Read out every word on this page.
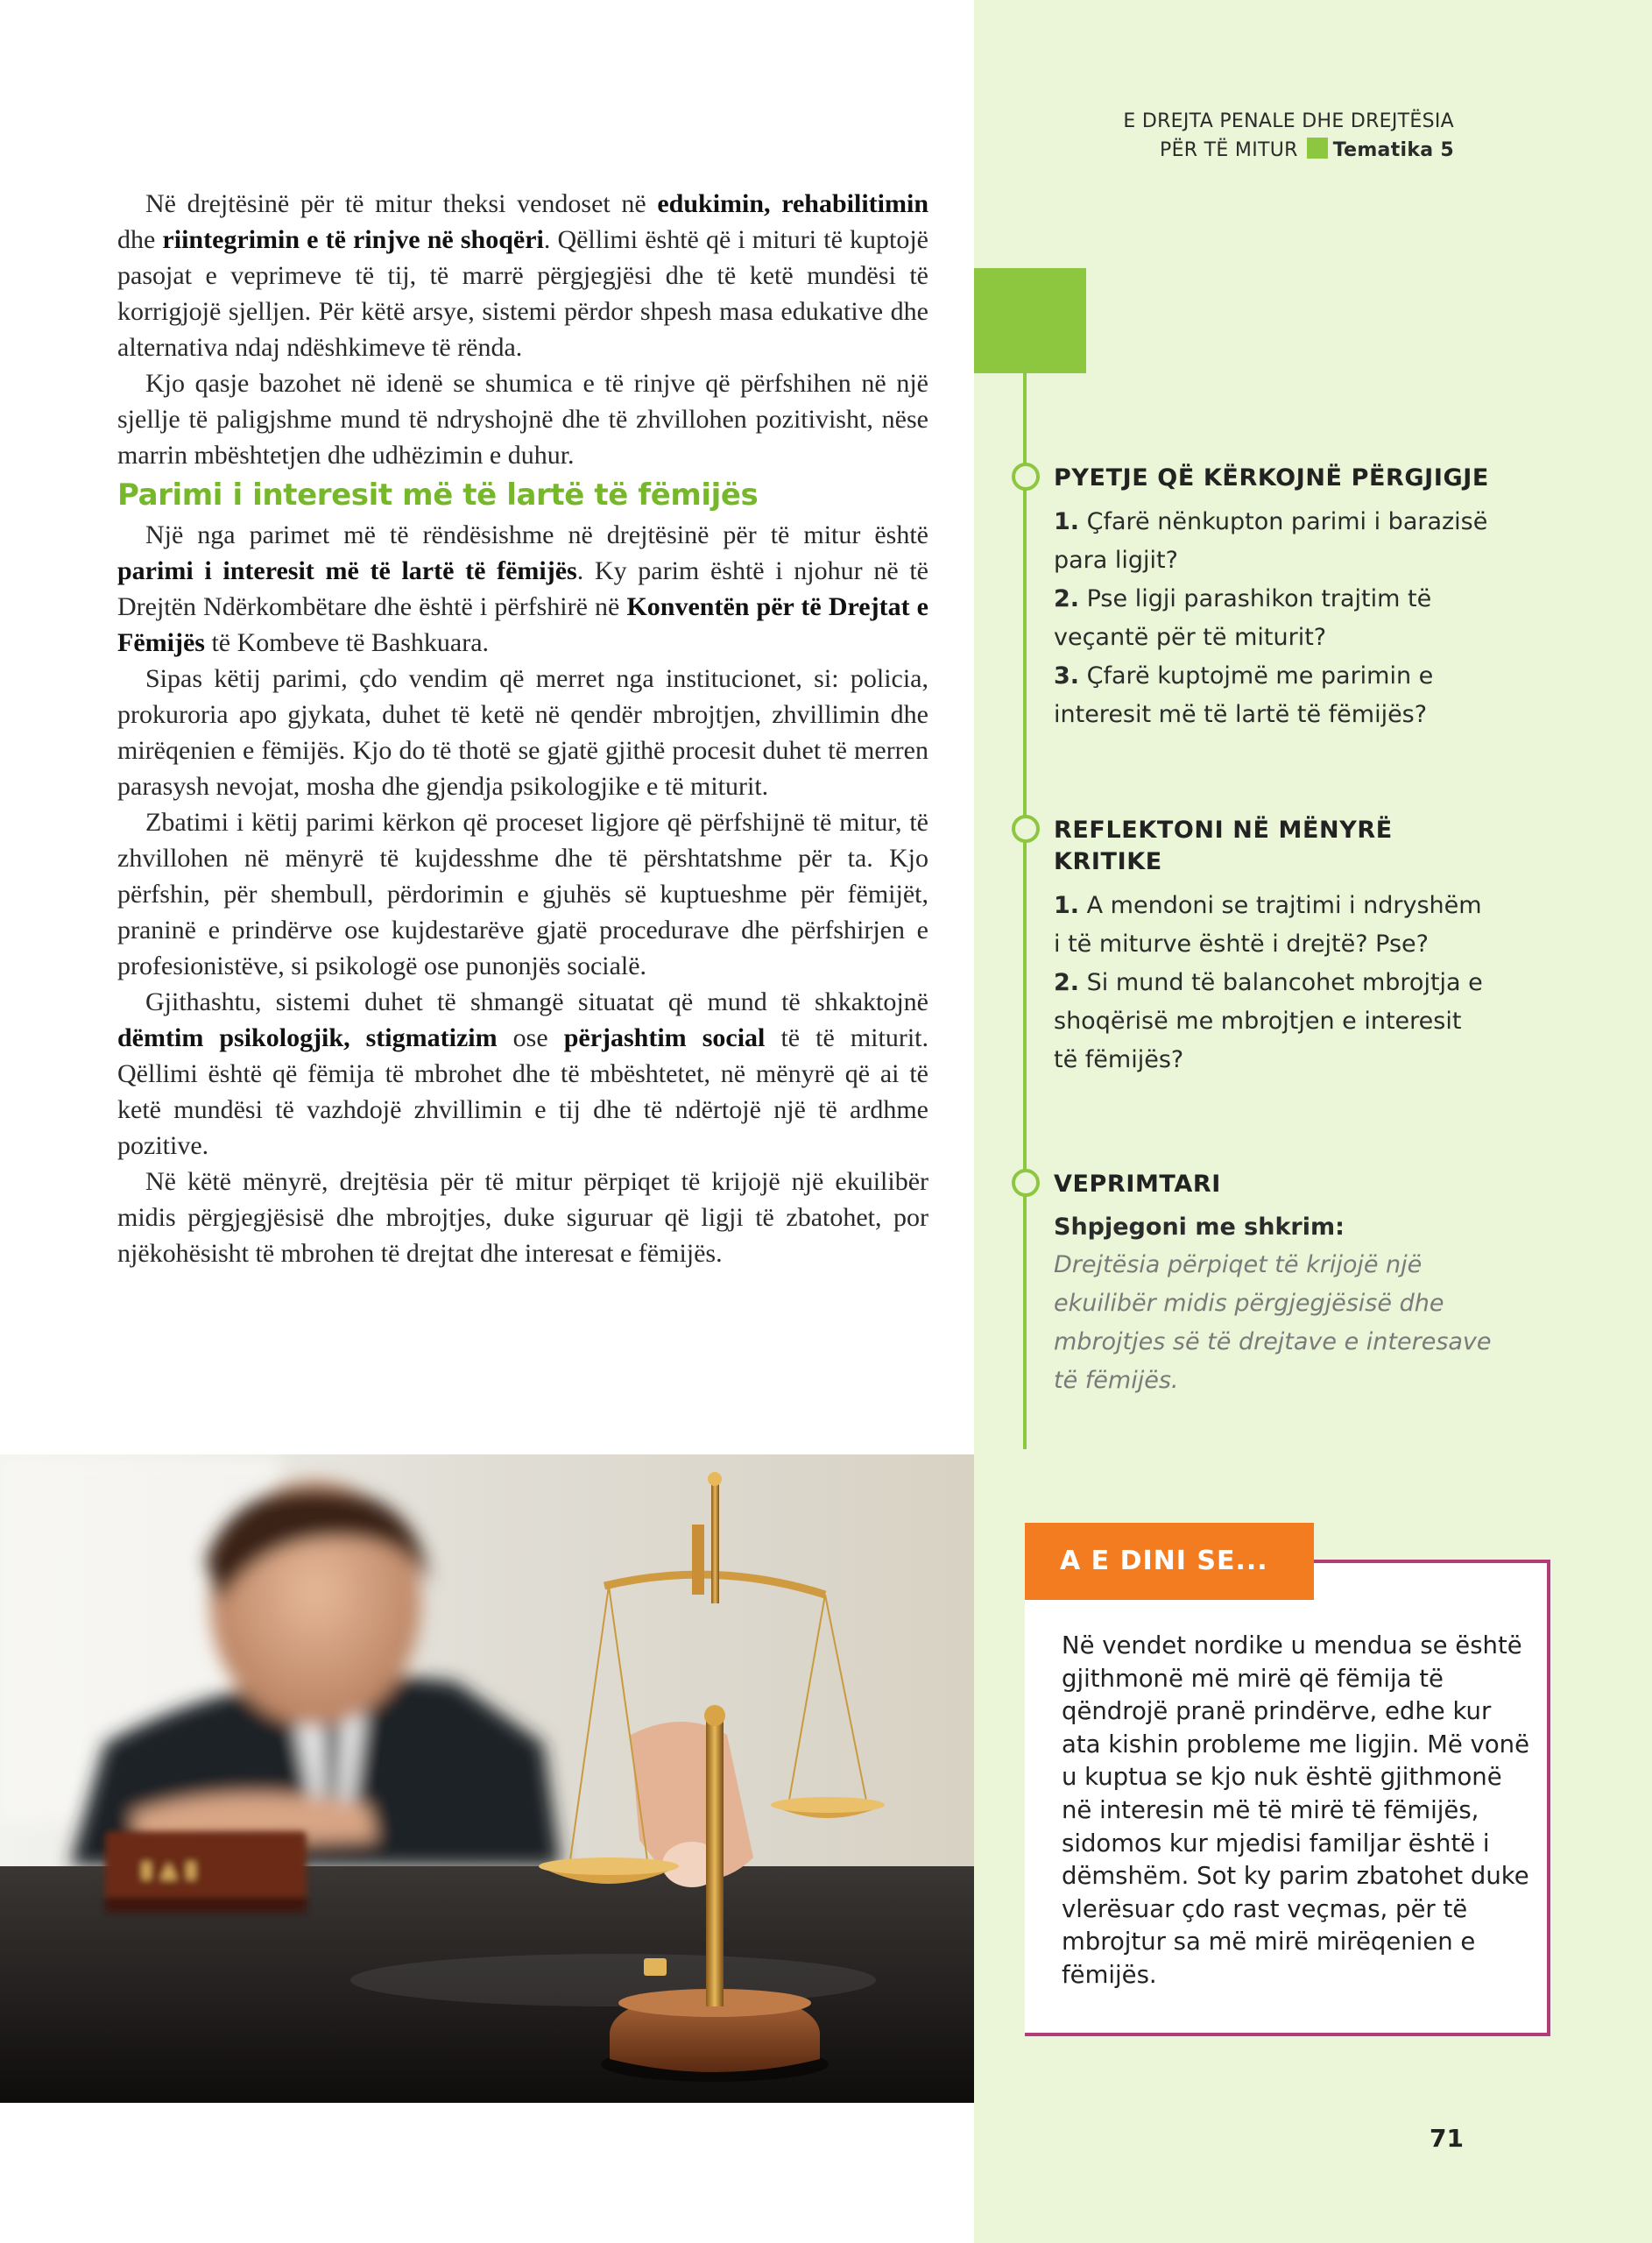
E DREJTA PENALE DHE DREJTËSIA
PËR TË MITUR Tematika 5

Në drejtësinë për të mitur theksi vendoset në edukimin, rehabilitimin dhe riintegrimin e të rinjve në shoqëri. Qëllimi është që i mituri të kuptojë pasojat e veprimeve të tij, të marrë përgjegjësi dhe të ketë mundësi të korrigjojë sjelljen. Për këtë arsye, sistemi përdor shpesh masa edukative dhe alternativa ndaj ndëshkimeve të rënda.

Kjo qasje bazohet në idenë se shumica e të rinjve që përfshihen në një sjellje të paligjshme mund të ndryshojnë dhe të zhvillohen pozitivisht, nëse marrin mbështetjen dhe udhëzimin e duhur.

Parimi i interesit më të lartë të fëmijës

Një nga parimet më të rëndësishme në drejtësinë për të mitur është parimi i interesit më të lartë të fëmijës. Ky parim është i njohur në të Drejtën Ndërkombëtare dhe është i përfshirë në Konventën për të Drejtat e Fëmijës të Kombeve të Bashkuara.

Sipas këtij parimi, çdo vendim që merret nga institucionet, si: policia, prokuroria apo gjykata, duhet të ketë në qendër mbrojtjen, zhvillimin dhe mirëqenien e fëmijës. Kjo do të thotë se gjatë gjithë procesit duhet të merren parasysh nevojat, mosha dhe gjendja psikologjike e të miturit.

Zbatimi i këtij parimi kërkon që proceset ligjore që përfshijnë të mitur, të zhvillohen në mënyrë të kujdesshme dhe të përshtatshme për ta. Kjo përfshin, për shembull, përdorimin e gjuhës së kuptueshme për fëmijët, praninë e prindërve ose kujdestarëve gjatë procedurave dhe përfshirjen e profesionistëve, si psikologë ose punonjës socialë.

Gjithashtu, sistemi duhet të shmangë situatat që mund të shkaktojnë dëmtim psikologjik, stigmatizim ose përjashtim social të të miturit. Qëllimi është që fëmija të mbrohet dhe të mbështetet, në mënyrë që ai të ketë mundësi të vazhdojë zhvillimin e tij dhe të ndërtojë një të ardhme pozitive.

Në këtë mënyrë, drejtësia për të mitur përpiqet të krijojë një ekuilibër midis përgjegjësisë dhe mbrojtjes, duke siguruar që ligji të zbatohet, por njëkohësisht të mbrohen të drejtat dhe interesat e fëmijës.

PYETJE QË KËRKOJNË PËRGJIGJE
1. Çfarë nënkupton parimi i barazisë para ligjit?
2. Pse ligji parashikon trajtim të veçantë për të miturit?
3. Çfarë kuptojmë me parimin e interesit më të lartë të fëmijës?
REFLEKTONI NË MËNYRË KRITIKE
1. A mendoni se trajtimi i ndryshëm i të miturve është i drejtë? Pse?
2. Si mund të balancohet mbrojtja e shoqërisë me mbrojtjen e interesit të fëmijës?
VEPRIMTARI
Shpjegoni me shkrim:
Drejtësia përpiqet të krijojë një ekuilibër midis përgjegjësisë dhe mbrojtjes së të drejtave e interesave të fëmijës.
▮ ▲ ▮
A E DINI SE...
Në vendet nordike u mendua se është gjithmonë më mirë që fëmija të qëndrojë pranë prindërve, edhe kur ata kishin probleme me ligjin. Më vonë u kuptua se kjo nuk është gjithmonë në interesin më të mirë të fëmijës, sidomos kur mjedisi familjar është i dëmshëm. Sot ky parim zbatohet duke vlerësuar çdo rast veçmas, për të mbrojtur sa më mirë mirëqenien e fëmijës.
71
